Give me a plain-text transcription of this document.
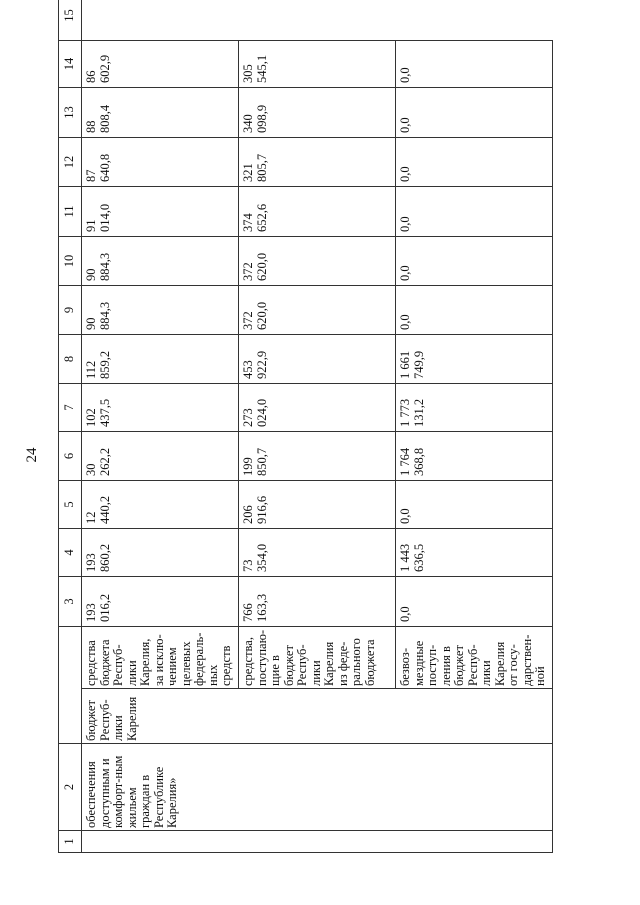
24
1	2			3	4	5	6	7	8	9	10	11	12	13	14	15
	обеспечения доступным и комфорт-ным жильем граждан в Республике Карелия»	бюджет Респуб-лики Карелия	средства бюджета Респуб-лики Карелия, за исклю-чением целевых федераль-ных средств	193 016,2	193 860,2	12 440,2	30 262,2	102 437,5	112 859,2	90 884,3	90 884,3	91 014,0	87 640,8	88 808,4	86 602,9	
			средства, поступаю-щие в бюджет Респуб-лики Карелия из феде-рального бюджета	766 163,3	73 354,0	206 916,6	199 850,7	273 024,0	453 922,9	372 620,0	372 620,0	374 652,6	321 805,7	340 098,9	305 545,1	
			безвоз-мездные поступ-ления в бюджет Респуб-лики Карелия от госу-дарствен-ной	0,0	1 443 636,5	0,0	1 764 368,8	1 773 131,2	1 661 749,9	0,0	0,0	0,0	0,0	0,0	0,0	
